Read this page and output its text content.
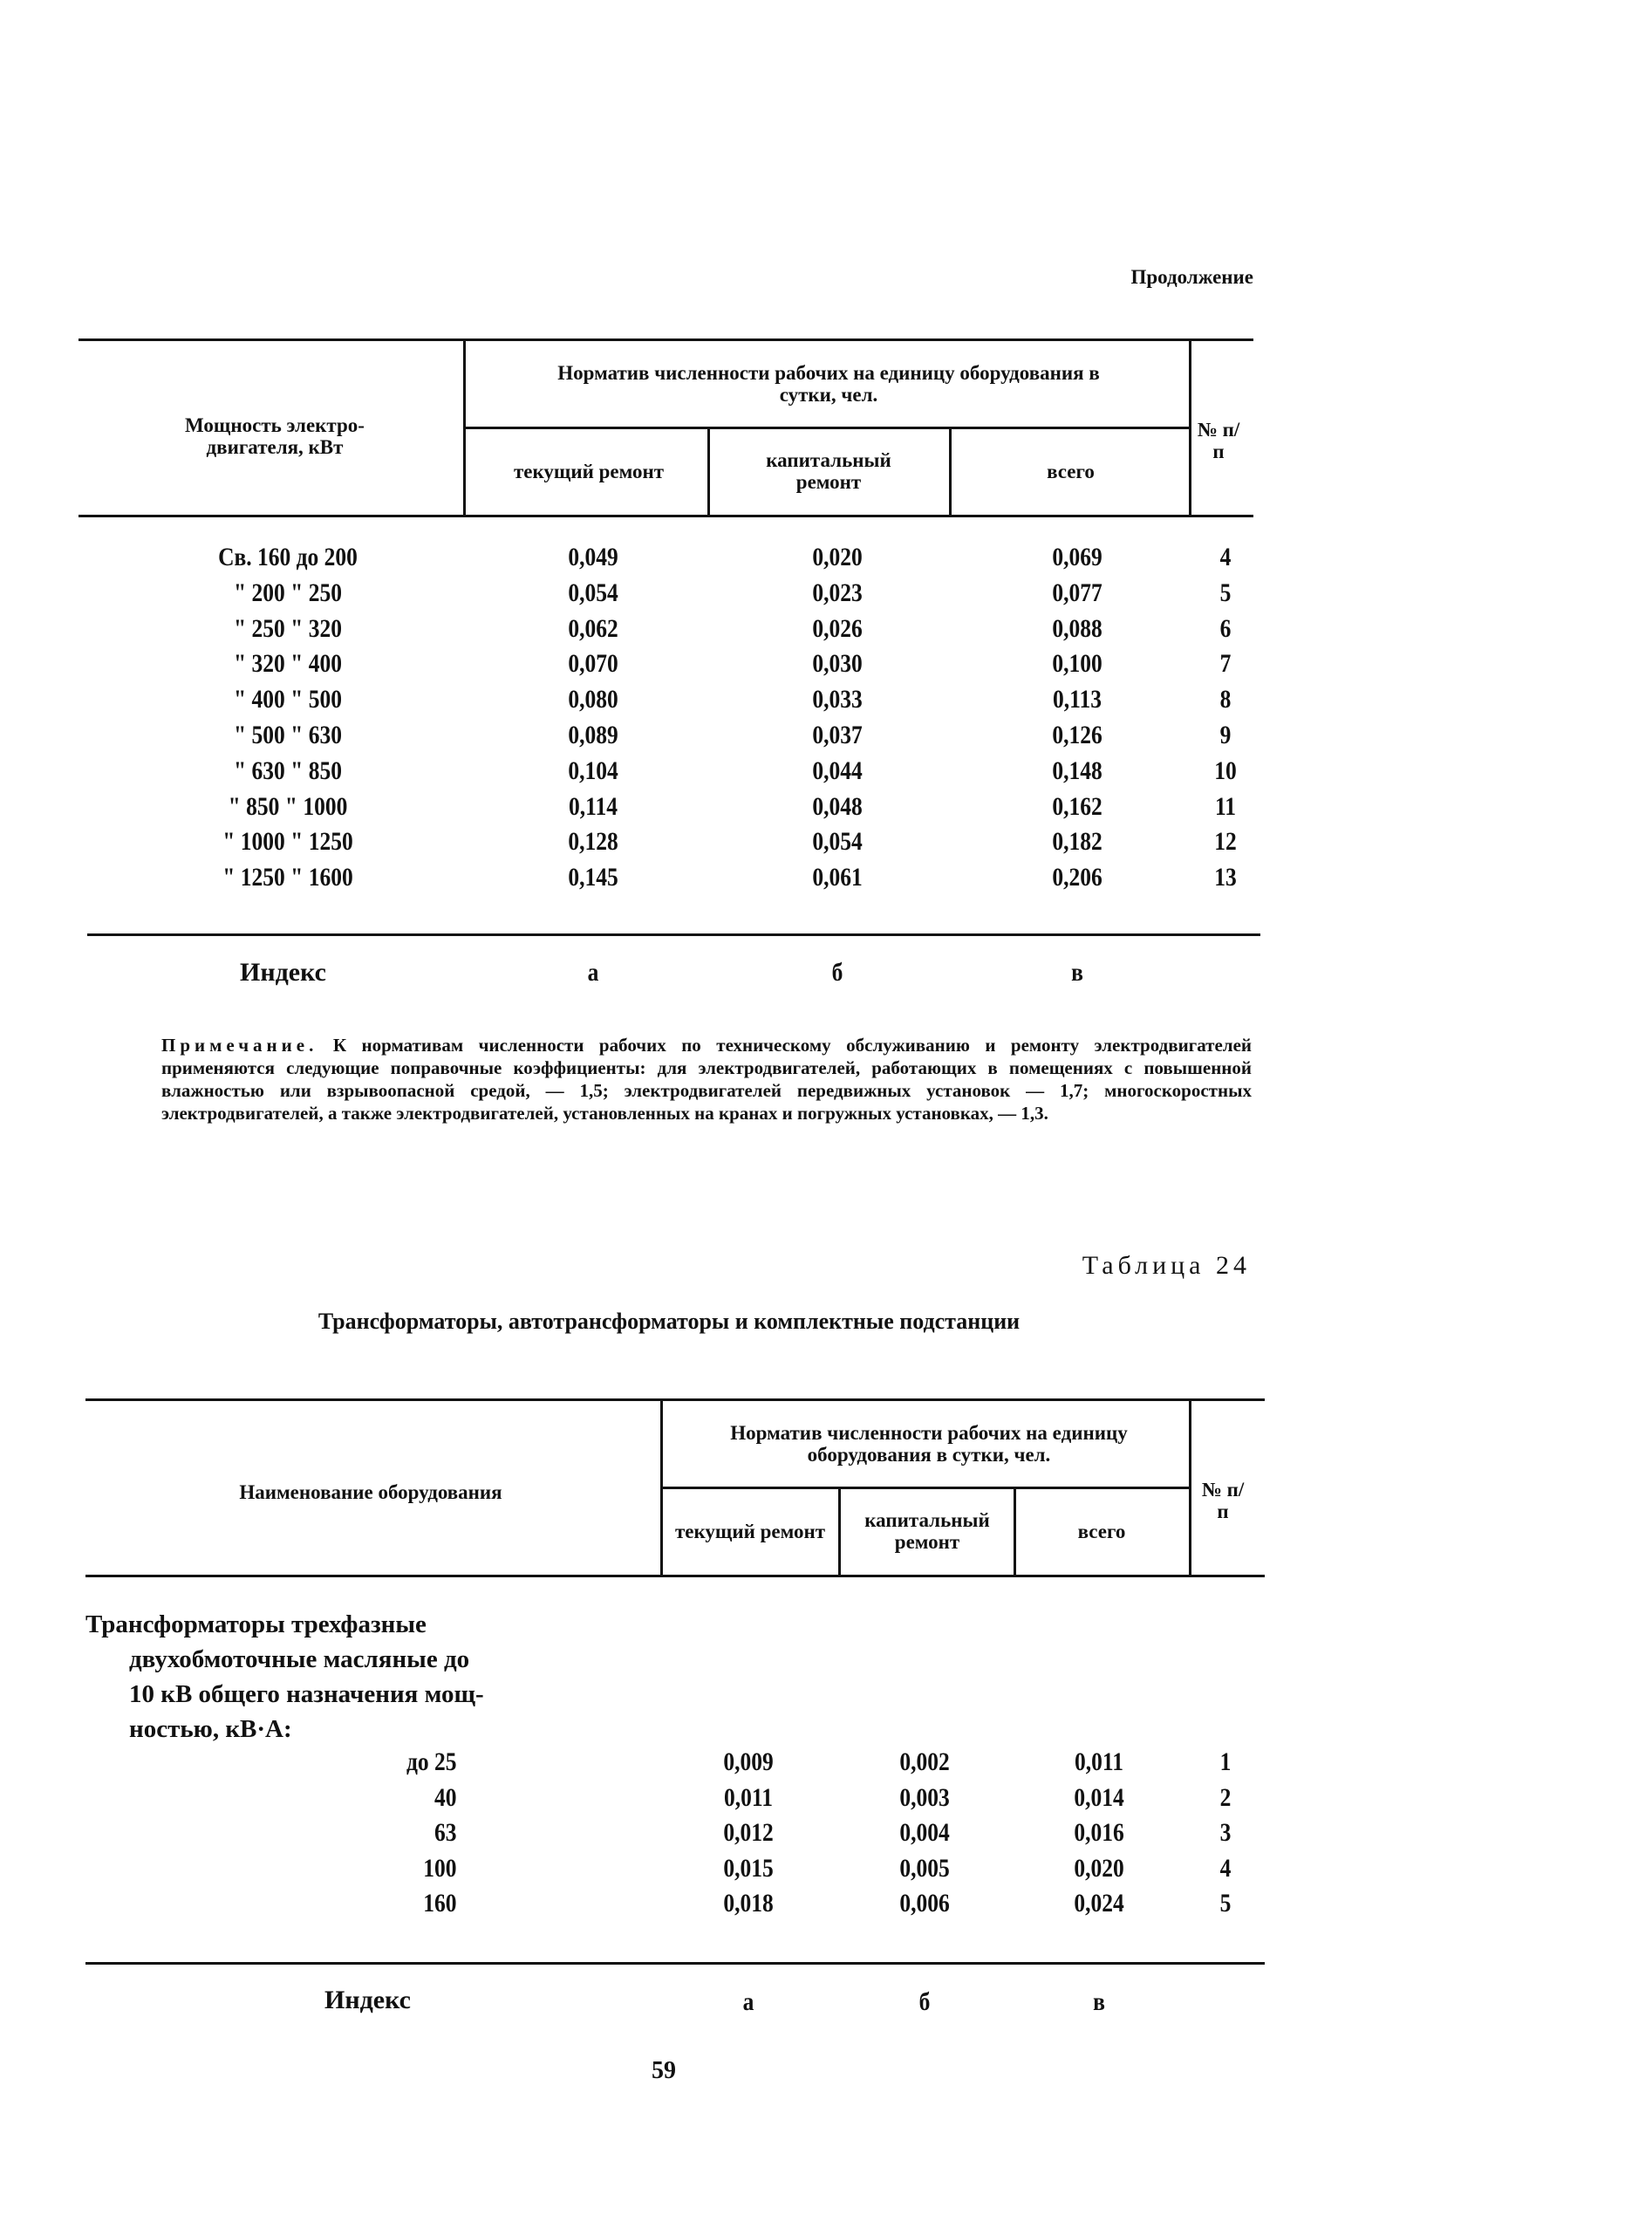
Продолжение
Мощность электро-двигателя, кВт
Норматив численности рабочих на единицу оборудования в сутки, чел.
текущий ремонт	капитальный ремонт	всего
№ п/п
Св. 160 до 200	0,049	0,020	0,069	4
" 200 " 250	0,054	0,023	0,077	5
" 250 " 320	0,062	0,026	0,088	6
" 320 " 400	0,070	0,030	0,100	7
" 400 " 500	0,080	0,033	0,113	8
" 500 " 630	0,089	0,037	0,126	9
" 630 " 850	0,104	0,044	0,148	10
" 850 " 1000	0,114	0,048	0,162	11
" 1000 " 1250	0,128	0,054	0,182	12
" 1250 " 1600	0,145	0,061	0,206	13
Индекс	а	б	в
Примечание. К нормативам численности рабочих по техническому обслуживанию и ремонту электродвигателей применяются следующие поправочные коэффициенты: для электродвигателей, работающих в помещениях с повышенной влажностью или взрывоопасной средой, — 1,5; электродвигателей передвижных установок — 1,7; многоскоростных электродвигателей, а также электродвигателей, установленных на кранах и погружных установках, — 1,3.
Таблица 24
Трансформаторы, автотрансформаторы и комплектные подстанции
Наименование оборудования
Норматив численности рабочих на единицу оборудования в сутки, чел.
текущий ремонт	капитальный ремонт	всего
№ п/п
Трансформаторы трехфазные
двухобмоточные масляные до
10 кВ общего назначения мощ-
ностью, кВ·А:
до 25	0,009	0,002	0,011	1
40	0,011	0,003	0,014	2
63	0,012	0,004	0,016	3
100	0,015	0,005	0,020	4
160	0,018	0,006	0,024	5
Индекс	а	б	в
59
